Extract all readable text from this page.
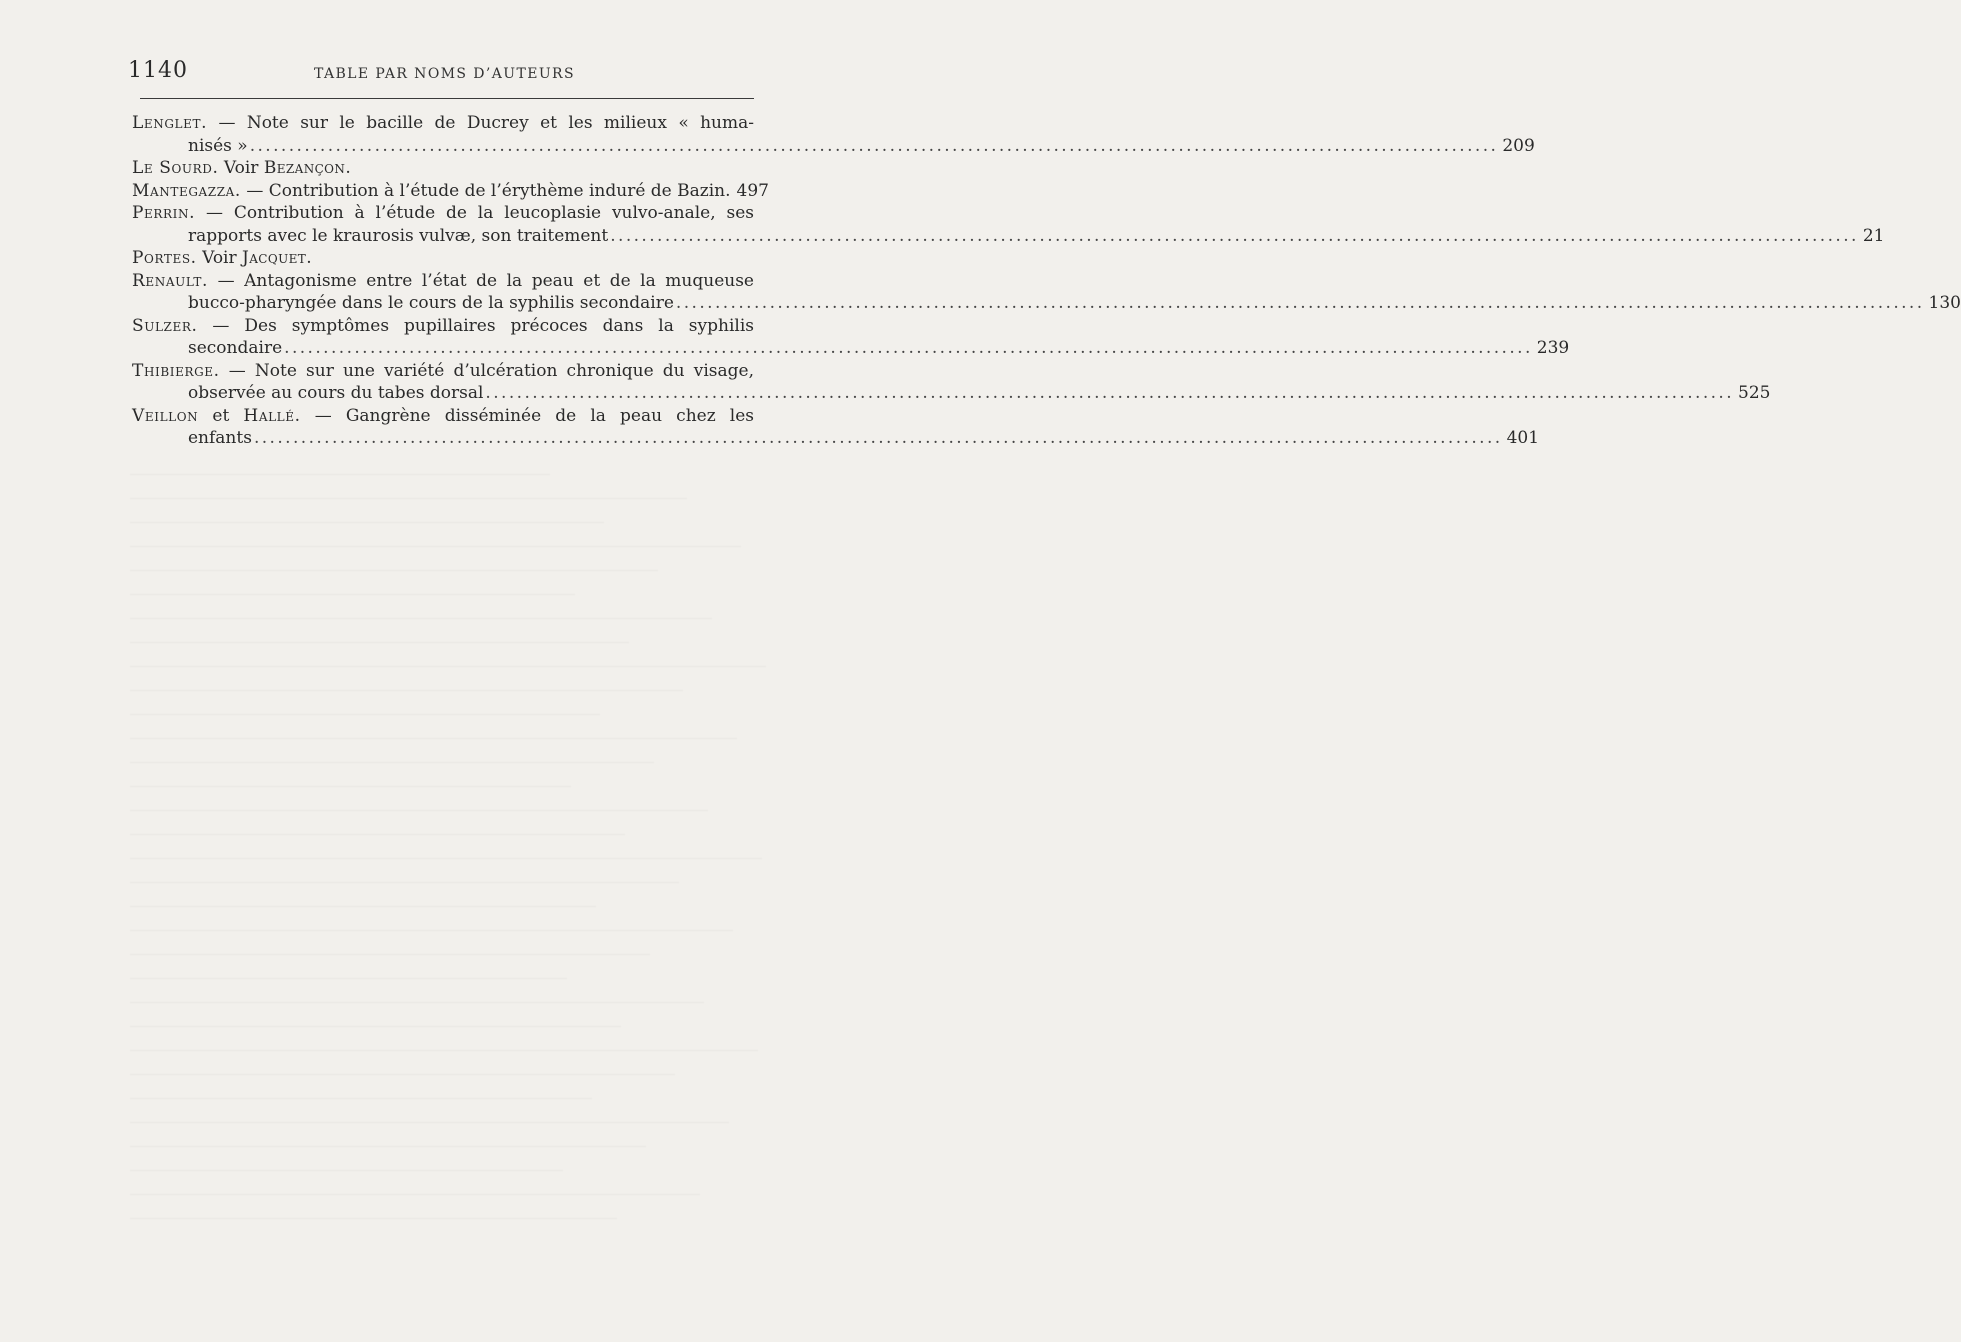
1140	TABLE PAR NOMS D’AUTEURS
Lenglet. — Note sur le bacille de Ducrey et les milieux « huma-
nisés » ................................................................................................................................................................ 209
Le Sourd. Voir Bezançon.
Mantegazza. — Contribution à l’étude de l’érythème induré de Bazin. 497
Perrin. — Contribution à l’étude de la leucoplasie vulvo-anale, ses
rapports avec le kraurosis vulvæ, son traitement ................................................................................................................................................................ 21
Portes. Voir Jacquet.
Renault. — Antagonisme entre l’état de la peau et de la muqueuse
bucco-pharyngée dans le cours de la syphilis secondaire ................................................................................................................................................................ 130
Sulzer. — Des symptômes pupillaires précoces dans la syphilis
secondaire ................................................................................................................................................................ 239
Thibierge. — Note sur une variété d’ulcération chronique du visage,
observée au cours du tabes dorsal ................................................................................................................................................................ 525
Veillon et Hallé. — Gangrène disséminée de la peau chez les
enfants ................................................................................................................................................................ 401
